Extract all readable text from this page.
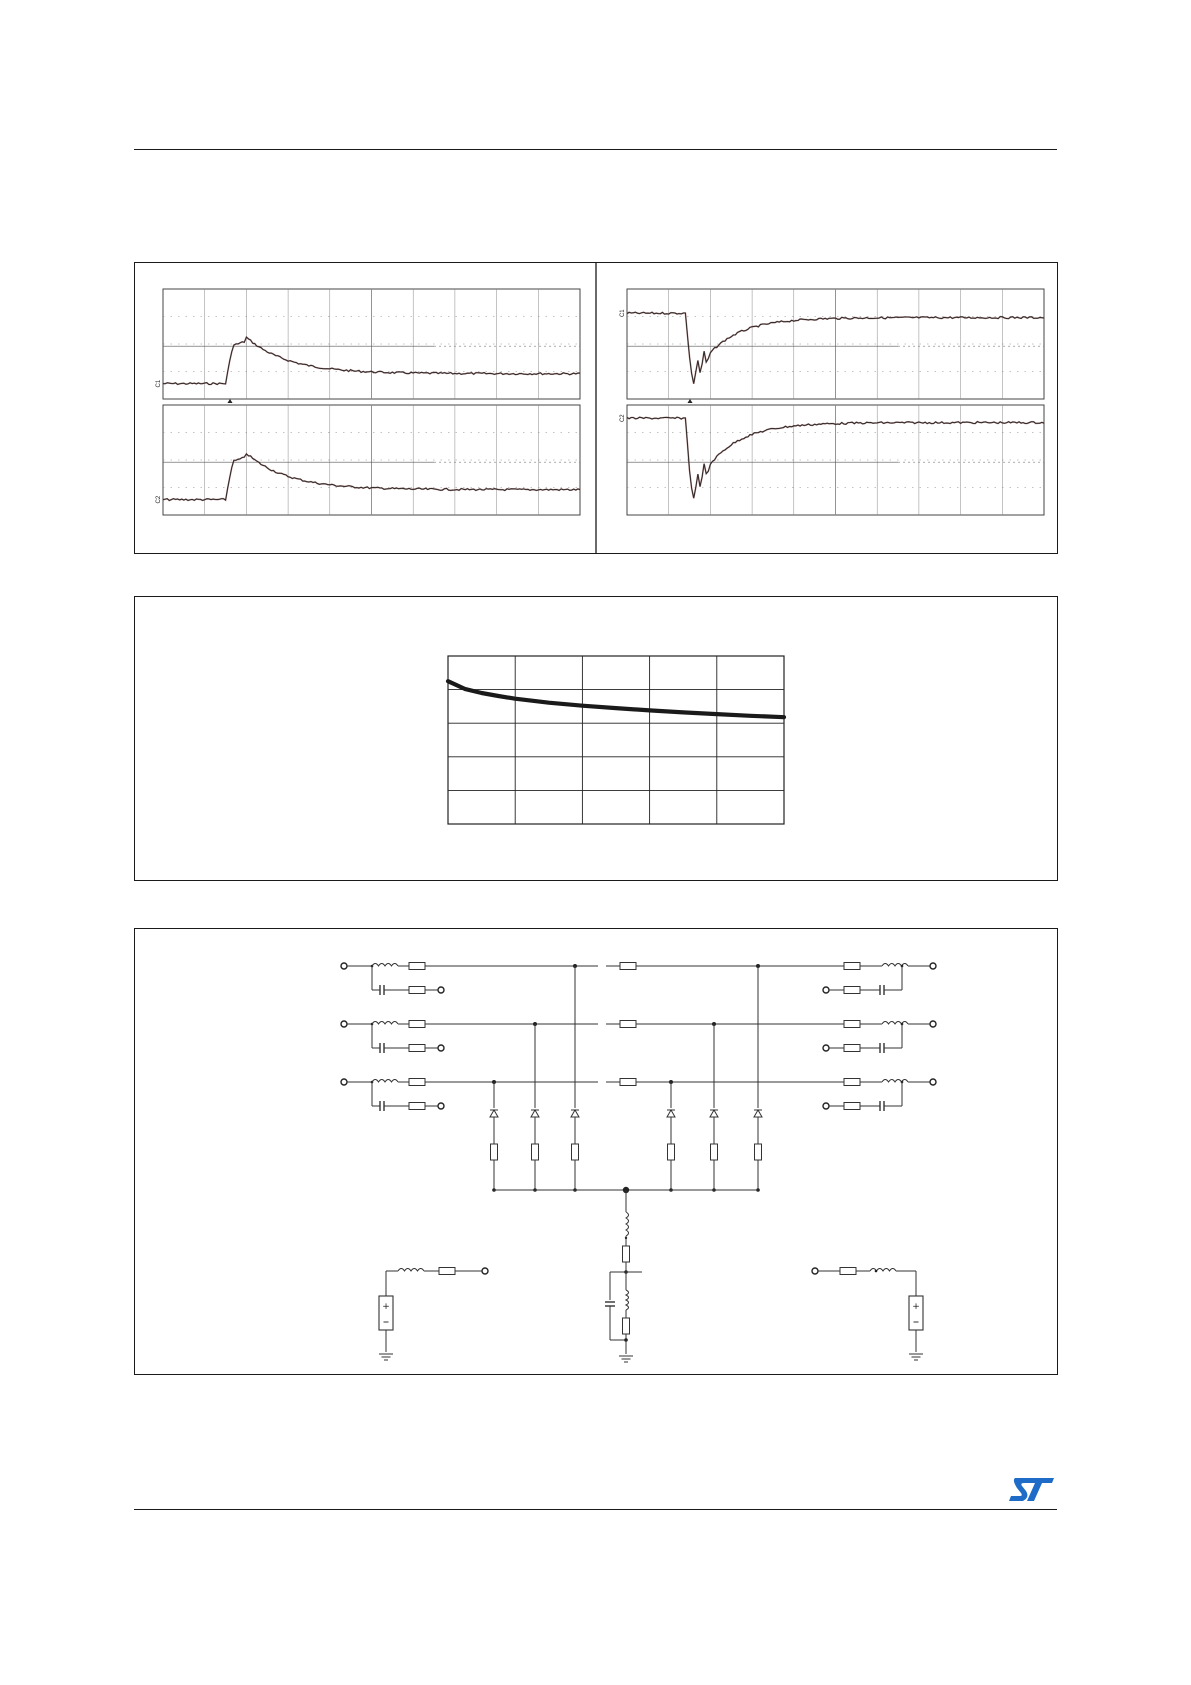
C1
C2
C1
C2
+	+
